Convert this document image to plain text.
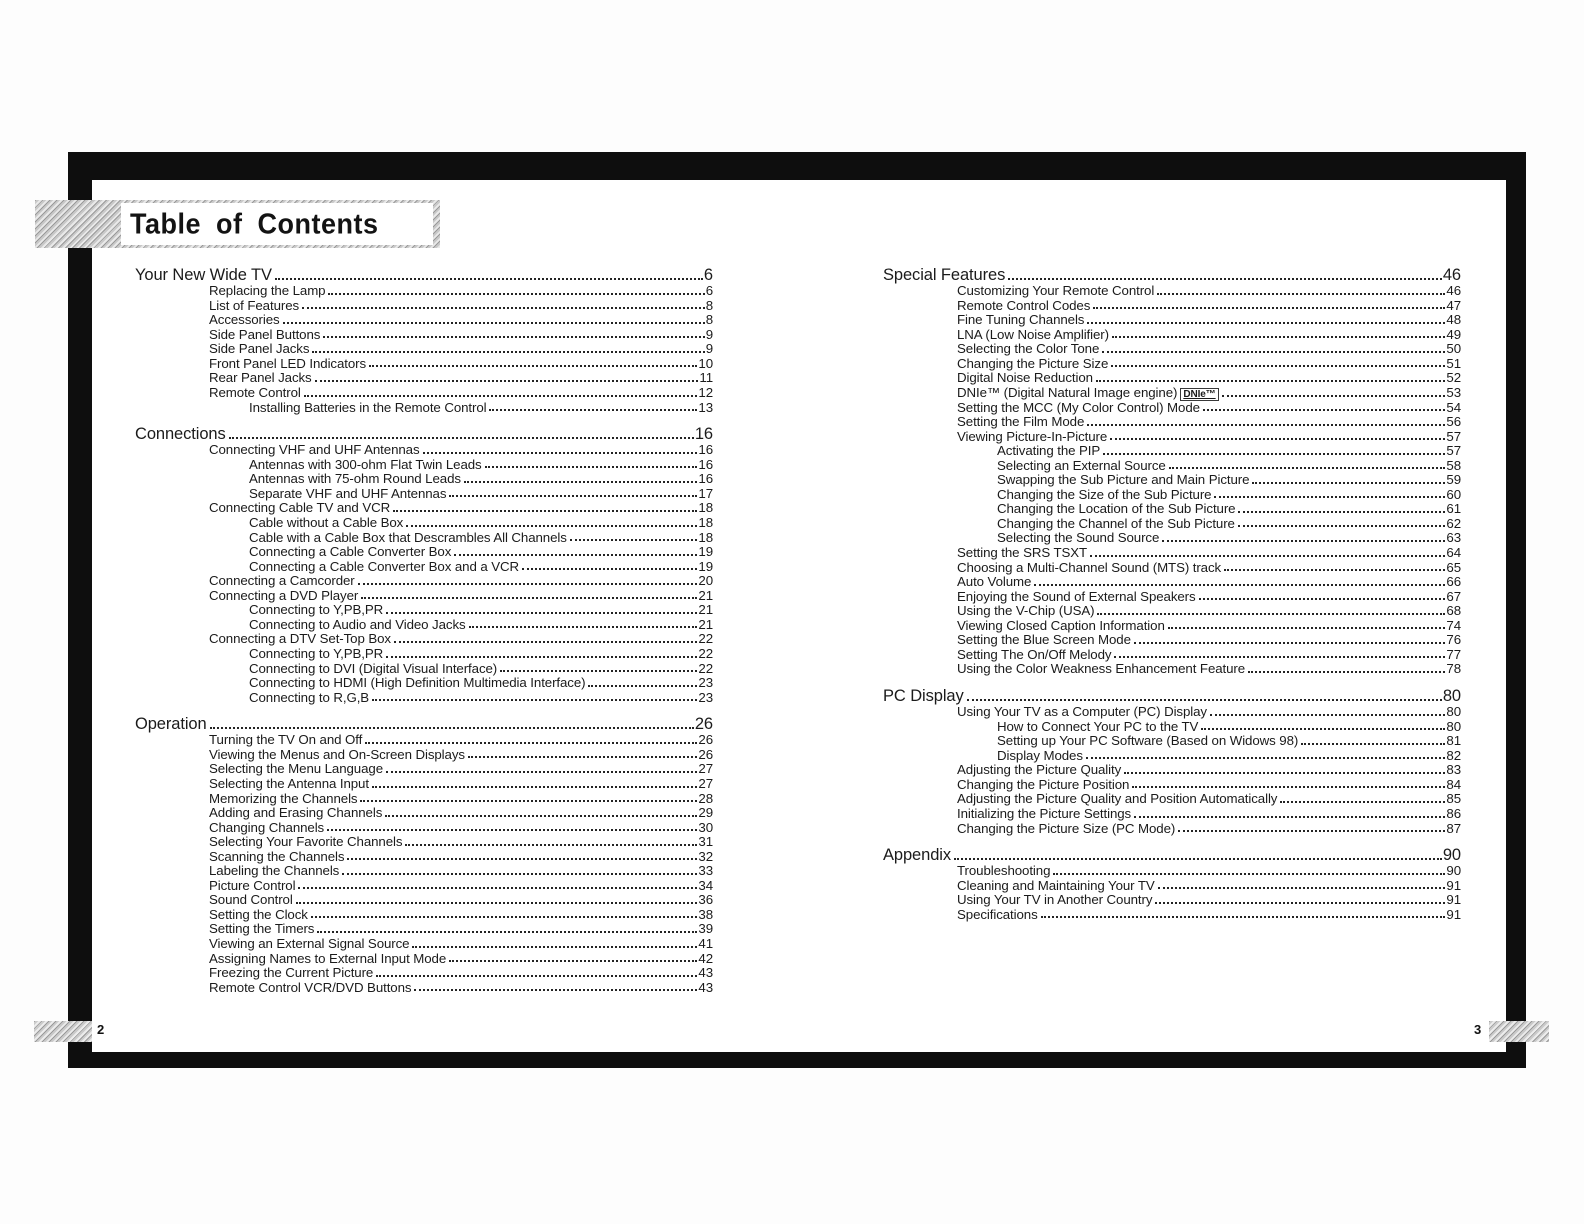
Table of Contents
Your New Wide TV	6
Replacing the Lamp	6
List of Features	8
Accessories	8
Side Panel Buttons	9
Side Panel Jacks	9
Front Panel LED Indicators	10
Rear Panel Jacks	11
Remote Control	12
Installing Batteries in the Remote Control	13
Connections	16
Connecting VHF and UHF Antennas	16
Antennas with 300-ohm Flat Twin Leads	16
Antennas with 75-ohm Round Leads	16
Separate VHF and UHF Antennas	17
Connecting Cable TV and VCR	18
Cable without a Cable Box	18
Cable with a Cable Box that Descrambles All Channels	18
Connecting a Cable Converter Box	19
Connecting a Cable Converter Box and a VCR	19
Connecting a Camcorder	20
Connecting a DVD Player	21
Connecting to Y,PB,PR	21
Connecting to Audio and Video Jacks	21
Connecting a DTV Set-Top Box	22
Connecting to Y,PB,PR	22
Connecting to DVI (Digital Visual Interface)	22
Connecting to HDMI (High Definition Multimedia Interface)	23
Connecting to R,G,B	23
Operation	26
Turning the TV On and Off	26
Viewing the Menus and On-Screen Displays	26
Selecting the Menu Language	27
Selecting the Antenna Input	27
Memorizing the Channels	28
Adding and Erasing Channels	29
Changing Channels	30
Selecting Your Favorite Channels	31
Scanning the Channels	32
Labeling the Channels	33
Picture Control	34
Sound Control	36
Setting the Clock	38
Setting the Timers	39
Viewing an External Signal Source	41
Assigning Names to External Input Mode	42
Freezing the Current Picture	43
Remote Control VCR/DVD Buttons	43
Special Features	46
Customizing Your Remote Control	46
Remote Control Codes	47
Fine Tuning Channels	48
LNA (Low Noise Amplifier)	49
Selecting the Color Tone	50
Changing the Picture Size	51
Digital Noise Reduction	52
DNIe™ (Digital Natural Image engine) DNIe™	53
Setting the MCC (My Color Control) Mode	54
Setting the Film Mode	56
Viewing Picture-In-Picture	57
Activating the PIP	57
Selecting an External Source	58
Swapping the Sub Picture and Main Picture	59
Changing the Size of the Sub Picture	60
Changing the Location of the Sub Picture	61
Changing the Channel of the Sub Picture	62
Selecting the Sound Source	63
Setting the SRS TSXT	64
Choosing a Multi-Channel Sound (MTS) track	65
Auto Volume	66
Enjoying the Sound of External Speakers	67
Using the V-Chip (USA)	68
Viewing Closed Caption Information	74
Setting the Blue Screen Mode	76
Setting The On/Off Melody	77
Using the Color Weakness Enhancement Feature	78
PC Display	80
Using Your TV as a Computer (PC) Display	80
How to Connect Your PC to the TV	80
Setting up Your PC Software (Based on Widows 98)	81
Display Modes	82
Adjusting the Picture Quality	83
Changing the Picture Position	84
Adjusting the Picture Quality and Position Automatically	85
Initializing the Picture Settings	86
Changing the Picture Size (PC Mode)	87
Appendix	90
Troubleshooting	90
Cleaning and Maintaining Your TV	91
Using Your TV in Another Country	91
Specifications	91
2	3
